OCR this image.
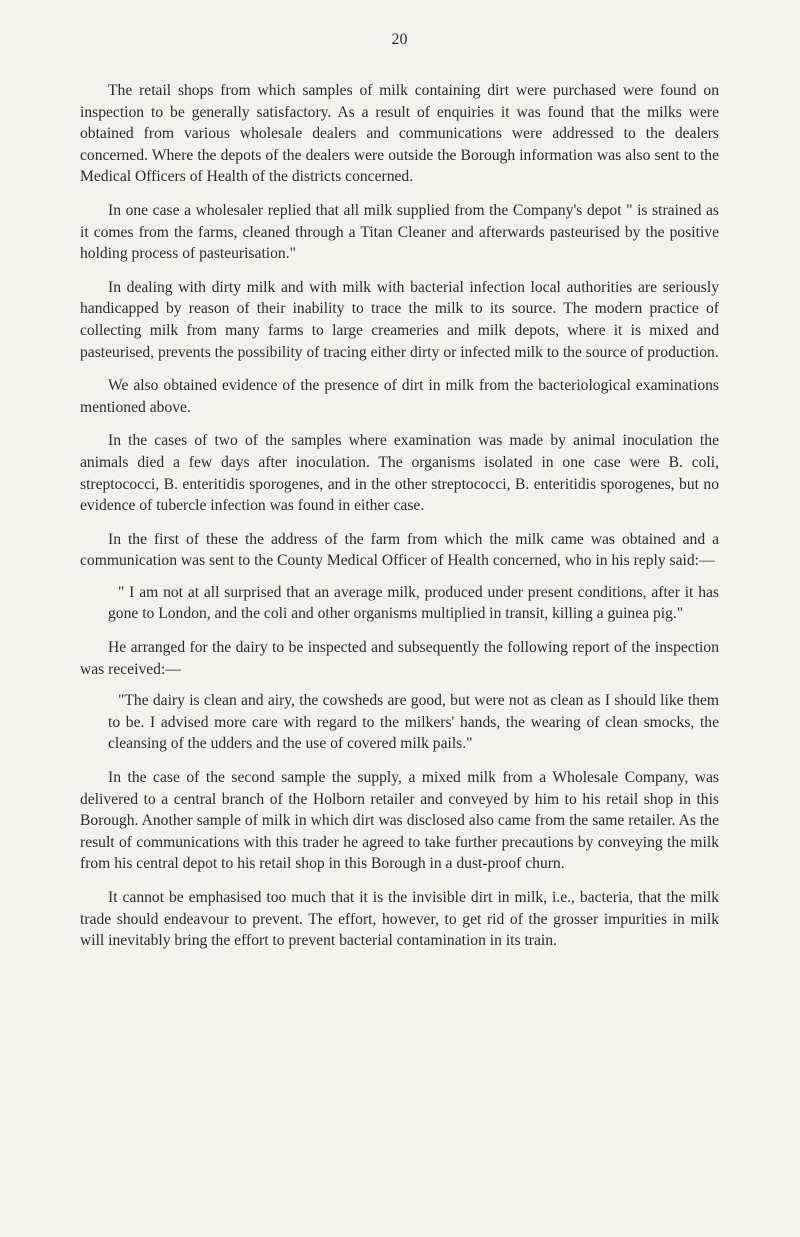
20

The retail shops from which samples of milk containing dirt were purchased were found on inspection to be generally satisfactory. As a result of enquiries it was found that the milks were obtained from various wholesale dealers and communications were addressed to the dealers concerned. Where the depots of the dealers were outside the Borough information was also sent to the Medical Officers of Health of the districts concerned.

In one case a wholesaler replied that all milk supplied from the Company's depot " is strained as it comes from the farms, cleaned through a Titan Cleaner and afterwards pasteurised by the positive holding process of pasteurisation."

In dealing with dirty milk and with milk with bacterial infection local authorities are seriously handicapped by reason of their inability to trace the milk to its source. The modern practice of collecting milk from many farms to large creameries and milk depots, where it is mixed and pasteurised, prevents the possibility of tracing either dirty or infected milk to the source of production.

We also obtained evidence of the presence of dirt in milk from the bacteriological examinations mentioned above.

In the cases of two of the samples where examination was made by animal inoculation the animals died a few days after inoculation. The organisms isolated in one case were B. coli, streptococci, B. enteritidis sporogenes, and in the other streptococci, B. enteritidis sporogenes, but no evidence of tubercle infection was found in either case.

In the first of these the address of the farm from which the milk came was obtained and a communication was sent to the County Medical Officer of Health concerned, who in his reply said:—

" I am not at all surprised that an average milk, produced under present conditions, after it has gone to London, and the coli and other organisms multiplied in transit, killing a guinea pig."

He arranged for the dairy to be inspected and subsequently the following report of the inspection was received:—

"The dairy is clean and airy, the cowsheds are good, but were not as clean as I should like them to be. I advised more care with regard to the milkers' hands, the wearing of clean smocks, the cleansing of the udders and the use of covered milk pails."

In the case of the second sample the supply, a mixed milk from a Wholesale Company, was delivered to a central branch of the Holborn retailer and conveyed by him to his retail shop in this Borough. Another sample of milk in which dirt was disclosed also came from the same retailer. As the result of communications with this trader he agreed to take further precautions by conveying the milk from his central depot to his retail shop in this Borough in a dust-proof churn.

It cannot be emphasised too much that it is the invisible dirt in milk, i.e., bacteria, that the milk trade should endeavour to prevent. The effort, however, to get rid of the grosser impurities in milk will inevitably bring the effort to prevent bacterial contamination in its train.
